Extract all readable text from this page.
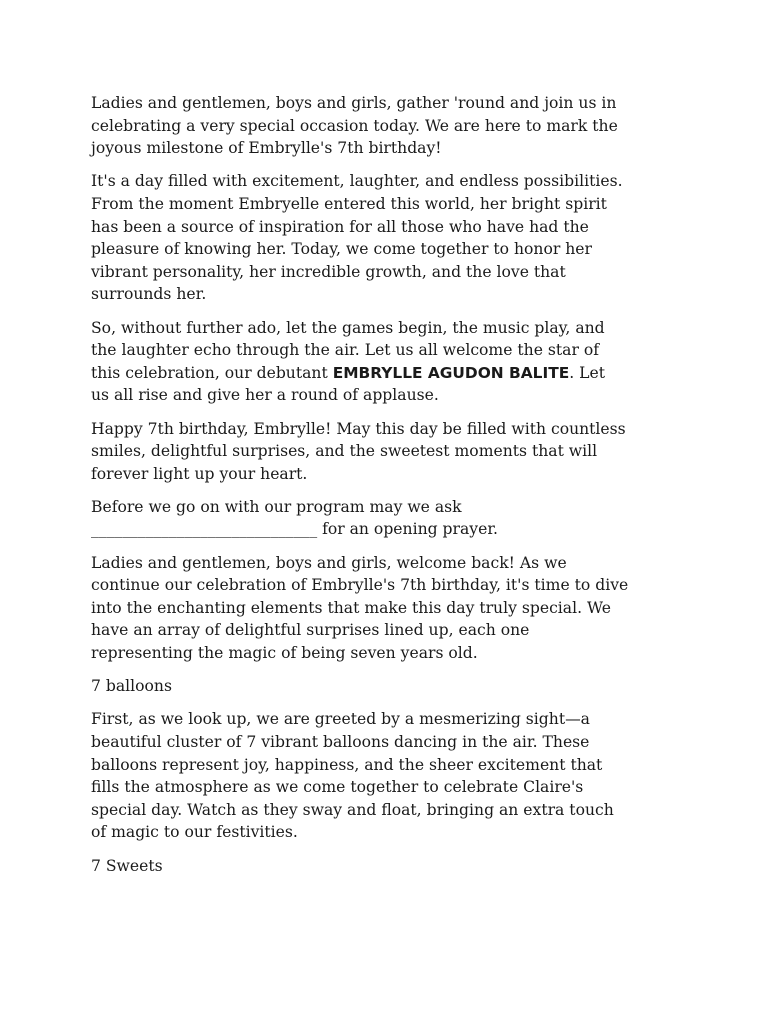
Ladies and gentlemen, boys and girls, gather 'round and join us in
celebrating a very special occasion today. We are here to mark the
joyous milestone of Embrylle's 7th birthday!

It's a day filled with excitement, laughter, and endless possibilities.
From the moment Embryelle entered this world, her bright spirit
has been a source of inspiration for all those who have had the
pleasure of knowing her. Today, we come together to honor her
vibrant personality, her incredible growth, and the love that
surrounds her.

So, without further ado, let the games begin, the music play, and
the laughter echo through the air. Let us all welcome the star of
this celebration, our debutant EMBRYLLE AGUDON BALITE. Let
us all rise and give her a round of applause.

Happy 7th birthday, Embrylle! May this day be filled with countless
smiles, delightful surprises, and the sweetest moments that will
forever light up your heart.

Before we go on with our program may we ask
_____________________________ for an opening prayer.

Ladies and gentlemen, boys and girls, welcome back! As we
continue our celebration of Embrylle's 7th birthday, it's time to dive
into the enchanting elements that make this day truly special. We
have an array of delightful surprises lined up, each one
representing the magic of being seven years old.

7 balloons

First, as we look up, we are greeted by a mesmerizing sight—a
beautiful cluster of 7 vibrant balloons dancing in the air. These
balloons represent joy, happiness, and the sheer excitement that
fills the atmosphere as we come together to celebrate Claire's
special day. Watch as they sway and float, bringing an extra touch
of magic to our festivities.

7 Sweets
